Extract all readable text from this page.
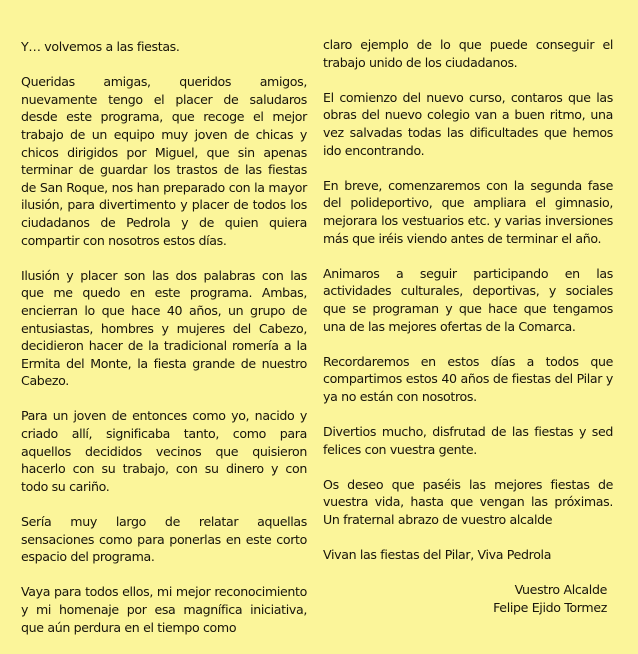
Y… volvemos a las fiestas.

Queridas amigas, queridos amigos, nuevamente tengo el placer de saludaros desde este programa, que recoge el mejor trabajo de un equipo muy joven de chicas y chicos dirigidos por Miguel, que sin apenas terminar de guardar los trastos de las fiestas de San Roque, nos han preparado con la mayor ilusión, para divertimento y placer de todos los ciudadanos de Pedrola y de quien quiera compartir con nosotros estos días.

Ilusión y placer son las dos palabras con las que me quedo en este programa. Ambas, encierran lo que hace 40 años, un grupo de entusiastas, hombres y mujeres del Cabezo, decidieron hacer de la tradicional romería a la Ermita del Monte, la fiesta grande de nuestro Cabezo.

Para un joven de entonces como yo, nacido y criado allí, significaba tanto, como para aquellos decididos vecinos que quisieron hacerlo con su trabajo, con su dinero y con todo su cariño.

Sería muy largo de relatar aquellas sensaciones como para ponerlas en este corto espacio del programa.

Vaya para todos ellos, mi mejor reconocimiento y mi homenaje por esa magnífica iniciativa, que aún perdura en el tiempo como

claro ejemplo de lo que puede conseguir el trabajo unido de los ciudadanos.

El comienzo del nuevo curso, contaros que las obras del nuevo colegio van a buen ritmo, una vez salvadas todas las dificultades que hemos ido encontrando.

En breve, comenzaremos con la segunda fase del polideportivo, que ampliara el gimnasio, mejorara los vestuarios etc. y varias inversiones más que iréis viendo antes de terminar el año.

Animaros a seguir participando en las actividades culturales, deportivas, y sociales que se programan y que hace que tengamos una de las mejores ofertas de la Comarca.

Recordaremos en estos días a todos que compartimos estos 40 años de fiestas del Pilar y ya no están con nosotros.

Divertios mucho, disfrutad de las fiestas y sed felices con vuestra gente.

Os deseo que paséis las mejores fiestas de vuestra vida, hasta que vengan las próximas. Un fraternal abrazo de vuestro alcalde

Vivan las fiestas del Pilar, Viva Pedrola

Vuestro Alcalde

Felipe Ejido Tormez
